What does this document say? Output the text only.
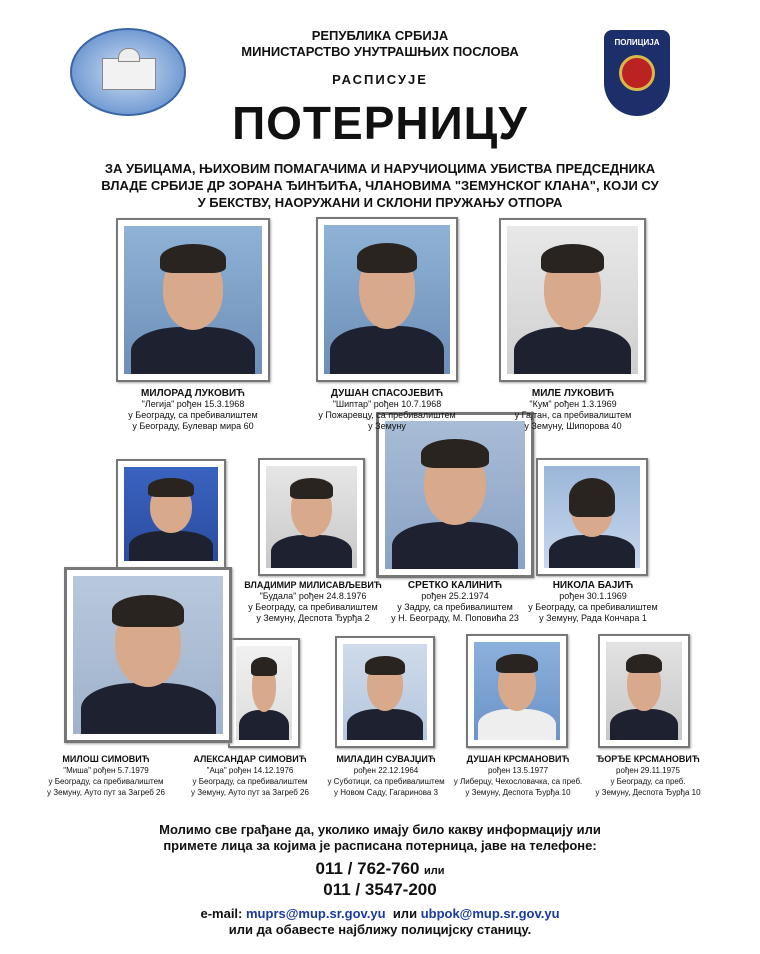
ПОЛИЦИЈА
РЕПУБЛИКА СРБИЈА
МИНИСТАРСТВО УНУТРАШЊИХ ПОСЛОВА
РАСПИСУЈЕ
ПОТЕРНИЦУ
ЗА УБИЦАМА, ЊИХОВИМ ПОМАГАЧИМА И НАРУЧИОЦИМА УБИСТВА ПРЕДСЕДНИКА
ВЛАДЕ СРБИЈЕ ДР ЗОРАНА ЂИНЂИЋА, ЧЛАНОВИМА "ЗЕМУНСКОГ КЛАНА", КОЈИ СУ
У БЕКСТВУ, НАОРУЖАНИ И СКЛОНИ ПРУЖАЊУ ОТПОРА
МИЛОРАД ЛУКОВИЋ
"Легија" рођен 15.3.1968
у Београду, са пребивалиштем
у Београду, Булевар мира 60
ДУШАН СПАСОЈЕВИЋ
"Шиптар" рођен 10.7.1968
у Пожаревцу, са пребивалиштем
у Земуну
МИЛЕ ЛУКОВИЋ
"Кум" рођен 1.3.1969
у Гајтан, са пребивалиштем
у Земуну, Шипорова 40
ВЛАДИМИР МИЛИСАВЉЕВИЋ
"Будала" рођен 24.8.1976
у Београду, са пребивалиштем
у Земуну, Деспота Ђурђа 2
СРЕТКО КАЛИНИЋ
рођен 25.2.1974
у Задру, са пребивалиштем
у Н. Београду, М. Поповића 23
НИКОЛА БАЈИЋ
рођен 30.1.1969
у Београду, са пребивалиштем
у Земуну, Рада Кончара 1
МИЛОШ СИМОВИЋ
"Миша" рођен 5.7.1979
у Београду, са пребивалиштем
у Земуну, Ауто пут за Загреб 26
АЛЕКСАНДАР СИМОВИЋ
"Аца" рођен 14.12.1976
у Београду, са пребивалиштем
у Земуну, Ауто пут за Загреб 26
МИЛАДИН СУВАЈЏИЋ
рођен 22.12.1964
у Суботици, са пребивалиштем
у Новом Саду, Гагаринова 3
ДУШАН КРСМАНОВИЋ
рођен 13.5.1977
у Либерцу, Чехословачка, са преб.
у Земуну, Деспота Ђурђа 10
ЂОРЂЕ КРСМАНОВИЋ
рођен 29.11.1975
у Београду, са преб.
у Земуну, Деспота Ђурђа 10
Молимо све грађане да, уколико имају било какву информацију или
примете лица за којима је расписана потерница, јаве на телефоне:
011 / 762-760 или
011 / 3547-200
e-mail: muprs@mup.sr.gov.yu или ubpok@mup.sr.gov.yu
или да обавесте најближу полицијску станицу.
